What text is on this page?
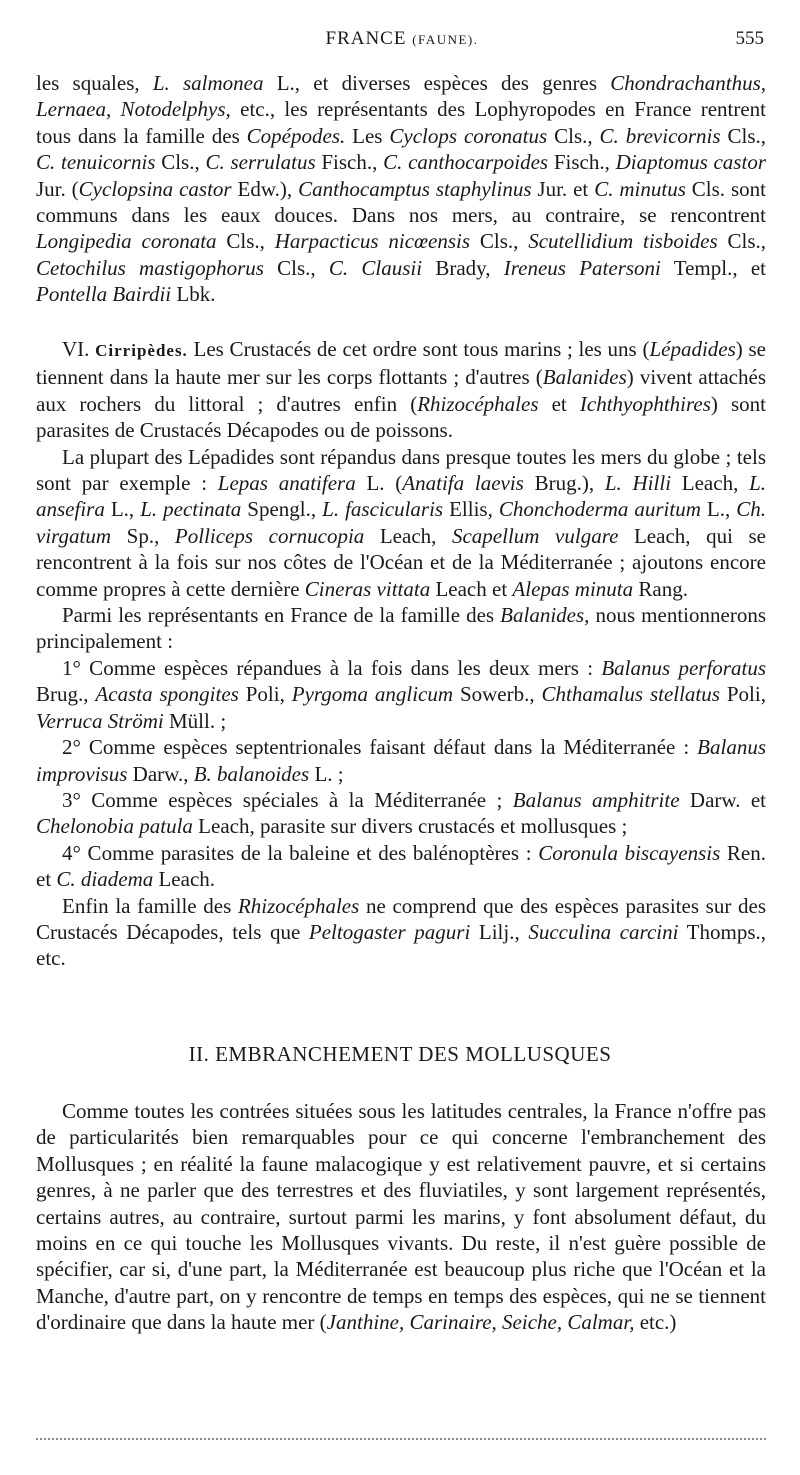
FRANCE (FAUNE).	555

les squales, L. salmonea L., et diverses espèces des genres Chondrachanthus, Lernaea, Notodelphys, etc., les représentants des Lophyropodes en France rentrent tous dans la famille des Copépodes. Les Cyclops coronatus Cls., C. brevicornis Cls., C. tenuicornis Cls., C. serrulatus Fisch., C. canthocarpoides Fisch., Diaptomus castor Jur. (Cyclopsina castor Edw.), Canthocamptus staphylinus Jur. et C. minutus Cls. sont communs dans les eaux douces. Dans nos mers, au contraire, se rencontrent Longipedia coronata Cls., Harpacticus nicœensis Cls., Scutellidium tisboides Cls., Cetochilus mastigophorus Cls., C. Clausii Brady, Ireneus Patersoni Templ., et Pontella Bairdii Lbk.

VI. Cirripèdes. Les Crustacés de cet ordre sont tous marins ; les uns (Lépadides) se tiennent dans la haute mer sur les corps flottants ; d'autres (Balanides) vivent attachés aux rochers du littoral ; d'autres enfin (Rhizocéphales et Ichthyophthires) sont parasites de Crustacés Décapodes ou de poissons.

La plupart des Lépadides sont répandus dans presque toutes les mers du globe ; tels sont par exemple : Lepas anatifera L. (Anatifa laevis Brug.), L. Hilli Leach, L. ansefira L., L. pectinata Spengl., L. fascicularis Ellis, Chonchoderma auritum L., Ch. virgatum Sp., Polliceps cornucopia Leach, Scapellum vulgare Leach, qui se rencontrent à la fois sur nos côtes de l'Océan et de la Méditerranée ; ajoutons encore comme propres à cette dernière Cineras vittata Leach et Alepas minuta Rang.

Parmi les représentants en France de la famille des Balanides, nous mentionnerons principalement :

1° Comme espèces répandues à la fois dans les deux mers : Balanus perforatus Brug., Acasta spongites Poli, Pyrgoma anglicum Sowerb., Chthamalus stellatus Poli, Verruca Strömi Müll. ;

2° Comme espèces septentrionales faisant défaut dans la Méditerranée : Balanus improvisus Darw., B. balanoides L. ;

3° Comme espèces spéciales à la Méditerranée ; Balanus amphitrite Darw. et Chelonobia patula Leach, parasite sur divers crustacés et mollusques ;

4° Comme parasites de la baleine et des balénoptères : Coronula biscayensis Ren. et C. diadema Leach.

Enfin la famille des Rhizocéphales ne comprend que des espèces parasites sur des Crustacés Décapodes, tels que Peltogaster paguri Lilj., Succulina carcini Thomps., etc.

II. EMBRANCHEMENT DES MOLLUSQUES

Comme toutes les contrées situées sous les latitudes centrales, la France n'offre pas de particularités bien remarquables pour ce qui concerne l'embranchement des Mollusques ; en réalité la faune malacogique y est relativement pauvre, et si certains genres, à ne parler que des terrestres et des fluviatiles, y sont largement représentés, certains autres, au contraire, surtout parmi les marins, y font absolument défaut, du moins en ce qui touche les Mollusques vivants. Du reste, il n'est guère possible de spécifier, car si, d'une part, la Méditerranée est beaucoup plus riche que l'Océan et la Manche, d'autre part, on y rencontre de temps en temps des espèces, qui ne se tiennent d'ordinaire que dans la haute mer (Janthine, Carinaire, Seiche, Calmar, etc.)
